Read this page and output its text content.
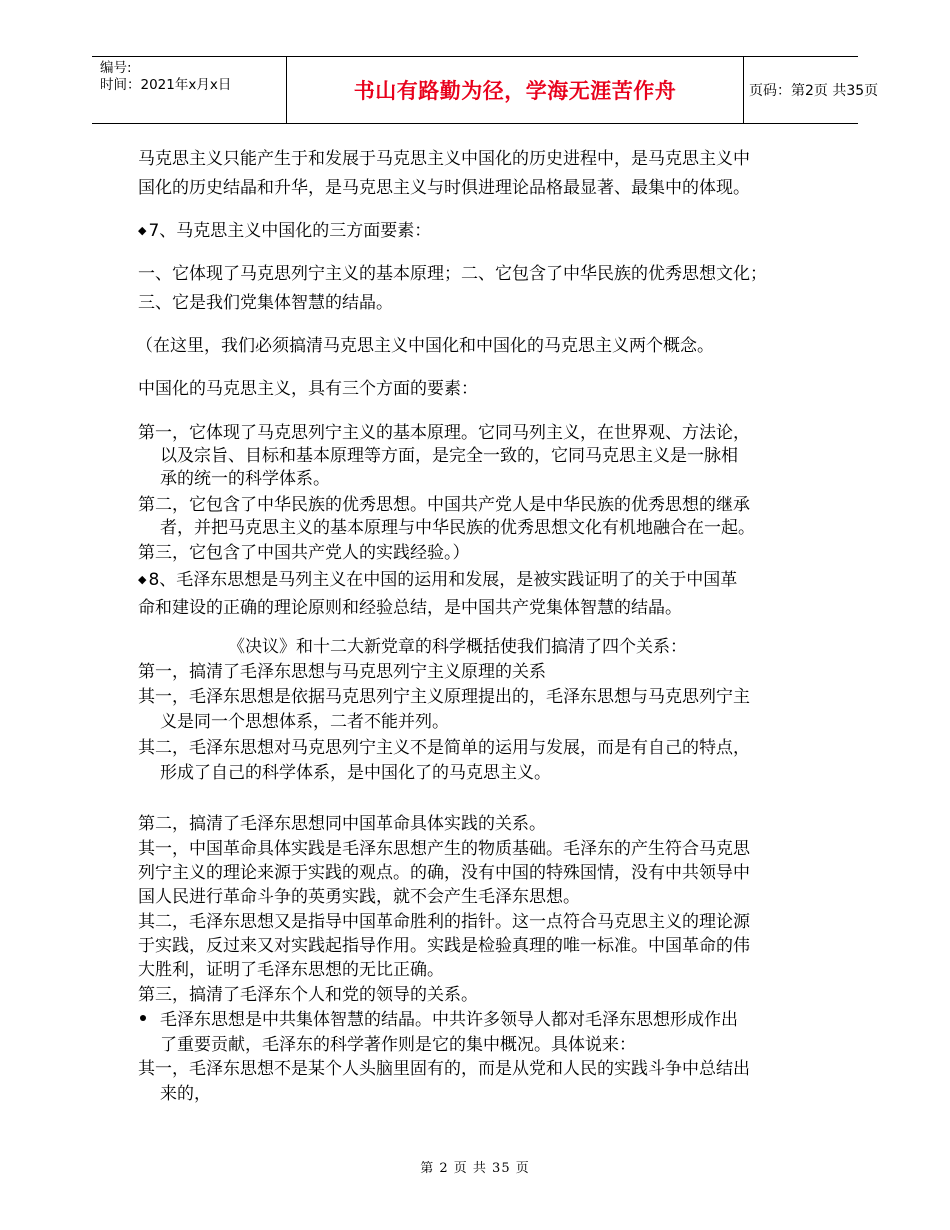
编号:
时间：2021年x月x日	书山有路勤为径，学海无涯苦作舟	页码：第2页 共35页
马克思主义只能产生于和发展于马克思主义中国化的历史进程中，是马克思主义中
国化的历史结晶和升华，是马克思主义与时俱进理论品格最显著、最集中的体现。
◆ 7、马克思主义中国化的三方面要素：
一、它体现了马克思列宁主义的基本原理；二、它包含了中华民族的优秀思想文化；
三、它是我们党集体智慧的结晶。
（在这里，我们必须搞清马克思主义中国化和中国化的马克思主义两个概念。
中国化的马克思主义，具有三个方面的要素：
第一，它体现了马克思列宁主义的基本原理。它同马列主义，在世界观、方法论，
以及宗旨、目标和基本原理等方面，是完全一致的，它同马克思主义是一脉相
承的统一的科学体系。
第二，它包含了中华民族的优秀思想。中国共产党人是中华民族的优秀思想的继承
者，并把马克思主义的基本原理与中华民族的优秀思想文化有机地融合在一起。
第三，它包含了中国共产党人的实践经验。）
◆ 8、毛泽东思想是马列主义在中国的运用和发展，是被实践证明了的关于中国革
命和建设的正确的理论原则和经验总结，是中国共产党集体智慧的结晶。
《决议》和十二大新党章的科学概括使我们搞清了四个关系：
第一，搞清了毛泽东思想与马克思列宁主义原理的关系
其一，毛泽东思想是依据马克思列宁主义原理提出的，毛泽东思想与马克思列宁主
义是同一个思想体系，二者不能并列。
其二，毛泽东思想对马克思列宁主义不是简单的运用与发展，而是有自己的特点，
形成了自己的科学体系，是中国化了的马克思主义。
第二，搞清了毛泽东思想同中国革命具体实践的关系。
其一，中国革命具体实践是毛泽东思想产生的物质基础。毛泽东的产生符合马克思
列宁主义的理论来源于实践的观点。的确，没有中国的特殊国情，没有中共领导中
国人民进行革命斗争的英勇实践，就不会产生毛泽东思想。
其二，毛泽东思想又是指导中国革命胜利的指针。这一点符合马克思主义的理论源
于实践，反过来又对实践起指导作用。实践是检验真理的唯一标准。中国革命的伟
大胜利，证明了毛泽东思想的无比正确。
第三，搞清了毛泽东个人和党的领导的关系。
毛泽东思想是中共集体智慧的结晶。中共许多领导人都对毛泽东思想形成作出
了重要贡献，毛泽东的科学著作则是它的集中概况。具体说来：
其一，毛泽东思想不是某个人头脑里固有的，而是从党和人民的实践斗争中总结出
来的，
第 2 页 共 35 页
